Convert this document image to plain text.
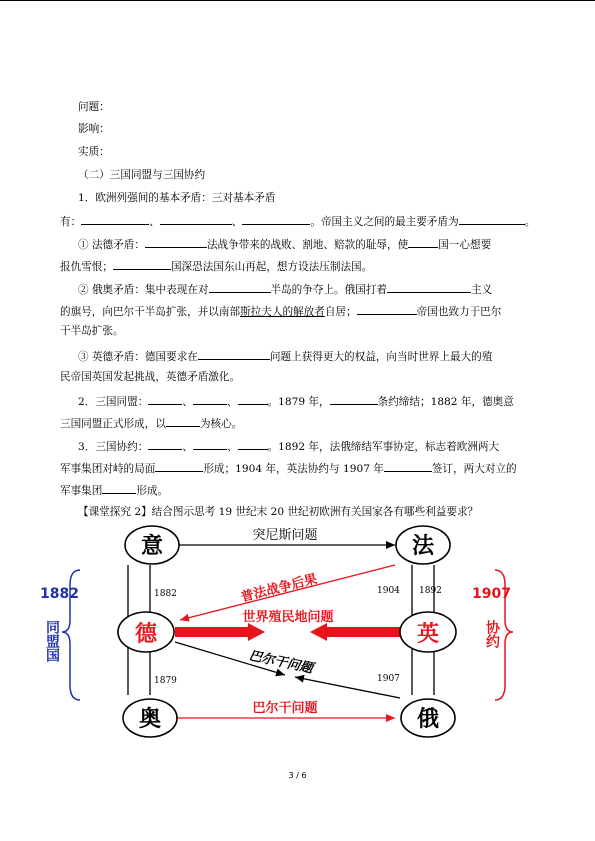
问题：
影响：
实质：
（二）三国同盟与三国协约
1．欧洲列强间的基本矛盾：三对基本矛盾
有：	、	、	。帝国主义之间的最主要矛盾为	。
① 法德矛盾：	法战争带来的战败、割地、赔款的耻辱，使	国一心想要
报仇雪恨；	国深恐法国东山再起，想方设法压制法国。
② 俄奥矛盾：集中表现在对	半岛的争夺上。俄国打着	主义
的旗号，向巴尔干半岛扩张，并以南部斯拉夫人的解放者自居；	帝国也致力于巴尔
干半岛扩张。
③ 英德矛盾：德国要求在	问题上获得更大的权益，向当时世界上最大的殖
民帝国英国发起挑战，英德矛盾激化。
2．三国同盟：	、	、	。1879 年，	条约缔结；1882 年，德奥意
三国同盟正式形成，以	为核心。
3．三国协约：	、	、	。1892 年，法俄缔结军事协定，标志着欧洲两大
军事集团对峙的局面	形成；1904 年，英法协约与 1907 年	签订，两大对立的
军事集团	形成。
【课堂探究 2】结合图示思考 19 世纪末 20 世纪初欧洲有关国家各有哪些利益要求？
意	法
德	英
奥	俄
突尼斯问题
普法战争后果
世界殖民地问题
巴尔干问题
巴尔干问题
1882
同盟国
1907
协约
1882
1879
1904 1892
1907
3 / 6
